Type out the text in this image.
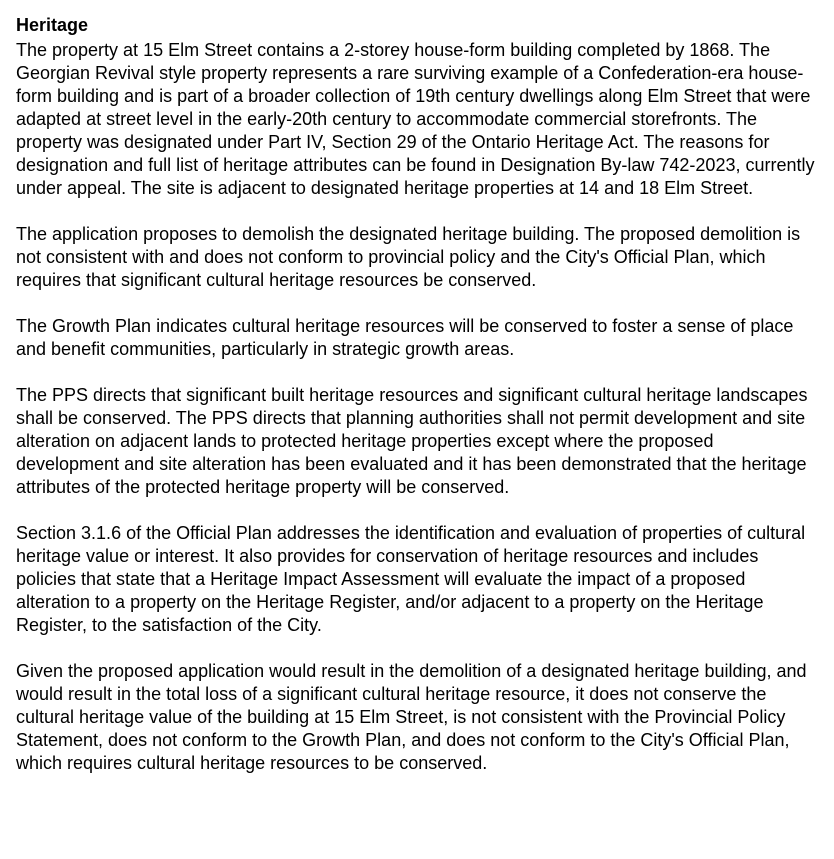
Heritage

The property at 15 Elm Street contains a 2-storey house-form building completed by 1868. The Georgian Revival style property represents a rare surviving example of a Confederation-era house-form building and is part of a broader collection of 19th century dwellings along Elm Street that were adapted at street level in the early-20th century to accommodate commercial storefronts. The property was designated under Part IV, Section 29 of the Ontario Heritage Act. The reasons for designation and full list of heritage attributes can be found in Designation By-law 742-2023, currently under appeal. The site is adjacent to designated heritage properties at 14 and 18 Elm Street.

The application proposes to demolish the designated heritage building. The proposed demolition is not consistent with and does not conform to provincial policy and the City's Official Plan, which requires that significant cultural heritage resources be conserved.

The Growth Plan indicates cultural heritage resources will be conserved to foster a sense of place and benefit communities, particularly in strategic growth areas.

The PPS directs that significant built heritage resources and significant cultural heritage landscapes shall be conserved. The PPS directs that planning authorities shall not permit development and site alteration on adjacent lands to protected heritage properties except where the proposed development and site alteration has been evaluated and it has been demonstrated that the heritage attributes of the protected heritage property will be conserved.

Section 3.1.6 of the Official Plan addresses the identification and evaluation of properties of cultural heritage value or interest. It also provides for conservation of heritage resources and includes policies that state that a Heritage Impact Assessment will evaluate the impact of a proposed alteration to a property on the Heritage Register, and/or adjacent to a property on the Heritage Register, to the satisfaction of the City.

Given the proposed application would result in the demolition of a designated heritage building, and would result in the total loss of a significant cultural heritage resource, it does not conserve the cultural heritage value of the building at 15 Elm Street, is not consistent with the Provincial Policy Statement, does not conform to the Growth Plan, and does not conform to the City's Official Plan, which requires cultural heritage resources to be conserved.
